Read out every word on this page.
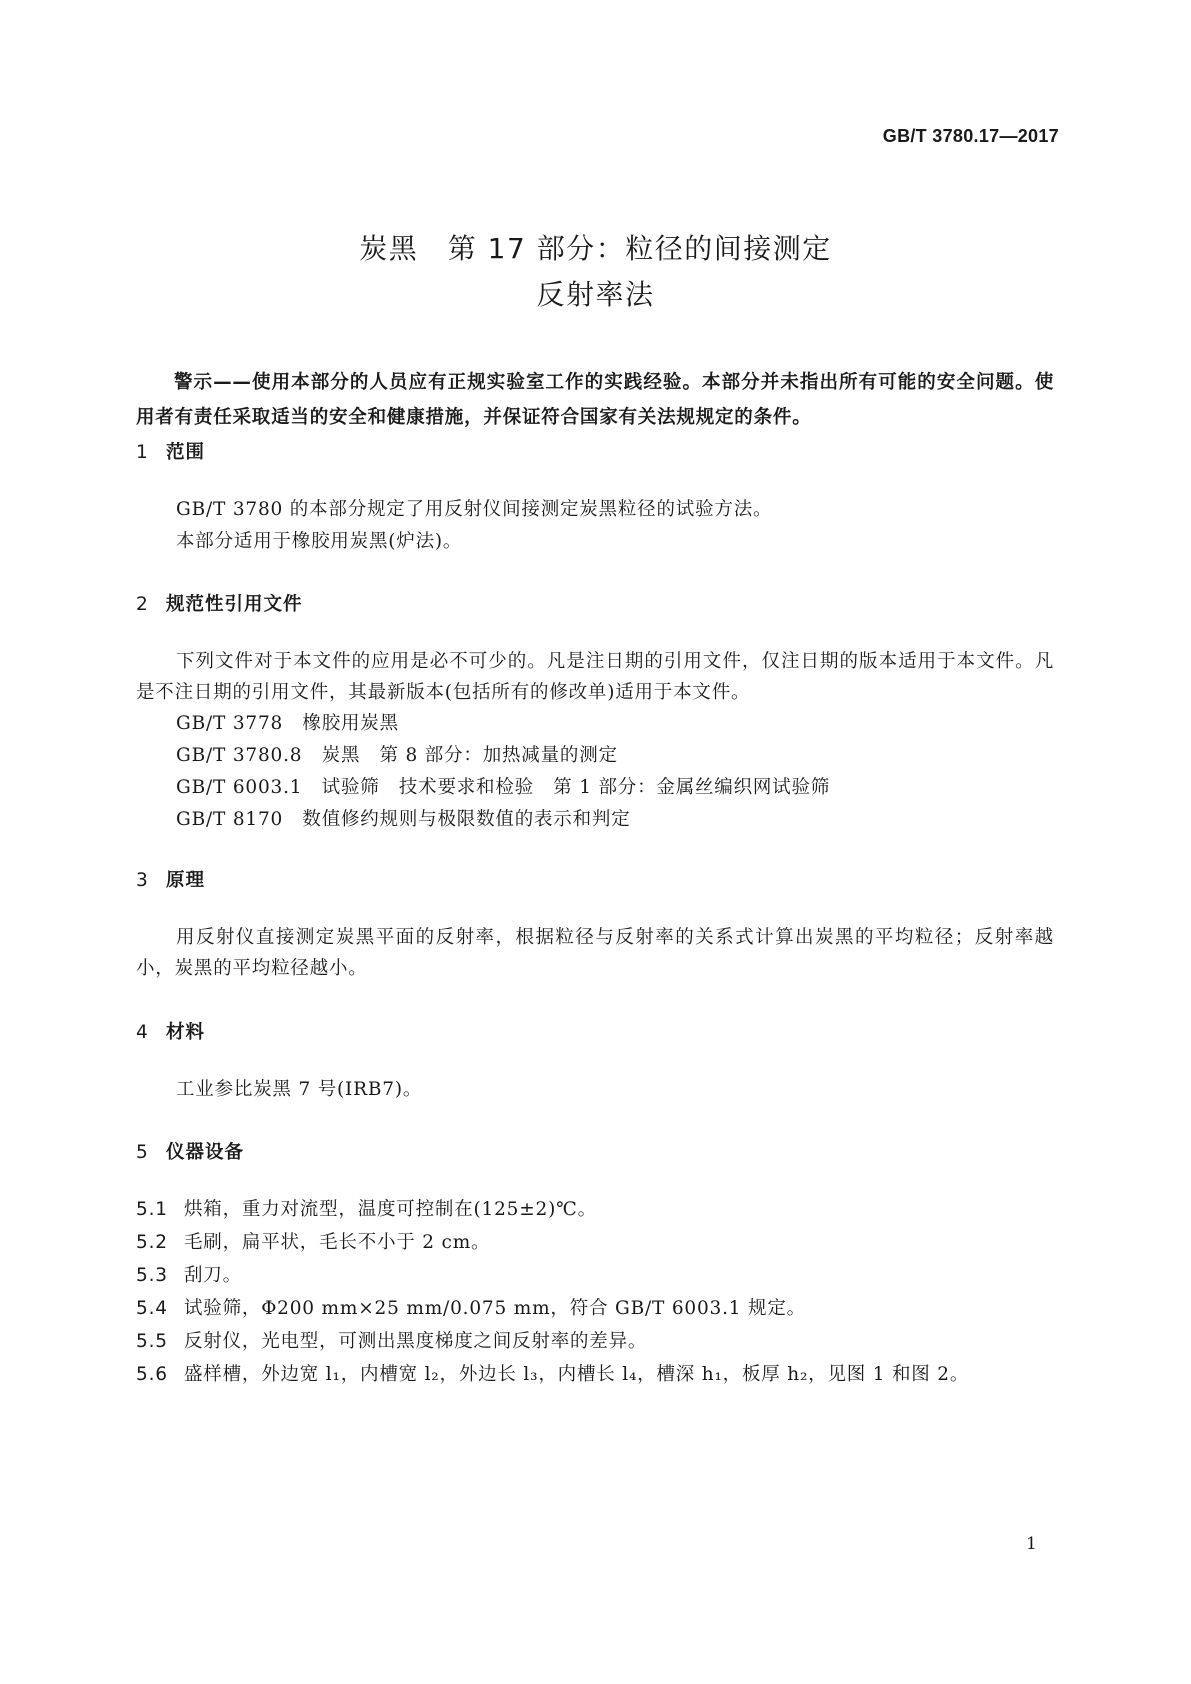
GB/T 3780.17—2017
炭黑　第 17 部分：粒径的间接测定
反射率法
警示——使用本部分的人员应有正规实验室工作的实践经验。本部分并未指出所有可能的安全问题。使用者有责任采取适当的安全和健康措施，并保证符合国家有关法规规定的条件。
1 范围

GB/T 3780 的本部分规定了用反射仪间接测定炭黑粒径的试验方法。

本部分适用于橡胶用炭黑(炉法)。

2 规范性引用文件
下列文件对于本文件的应用是必不可少的。凡是注日期的引用文件，仅注日期的版本适用于本文件。凡是不注日期的引用文件，其最新版本(包括所有的修改单)适用于本文件。

GB/T 3778　橡胶用炭黑

GB/T 3780.8　炭黑　第 8 部分：加热减量的测定

GB/T 6003.1　试验筛　技术要求和检验　第 1 部分：金属丝编织网试验筛

GB/T 8170　数值修约规则与极限数值的表示和判定

3 原理
用反射仪直接测定炭黑平面的反射率，根据粒径与反射率的关系式计算出炭黑的平均粒径；反射率越小，炭黑的平均粒径越小。
4 材料

工业参比炭黑 7 号(IRB7)。

5 仪器设备
5.1 烘箱，重力对流型，温度可控制在(125±2)℃。
5.2 毛刷，扁平状，毛长不小于 2 cm。
5.3 刮刀。
5.4 试验筛，Φ200 mm×25 mm/0.075 mm，符合 GB/T 6003.1 规定。
5.5 反射仪，光电型，可测出黑度梯度之间反射率的差异。
5.6 盛样槽，外边宽 l₁，内槽宽 l₂，外边长 l₃，内槽长 l₄，槽深 h₁，板厚 h₂，见图 1 和图 2。
1
